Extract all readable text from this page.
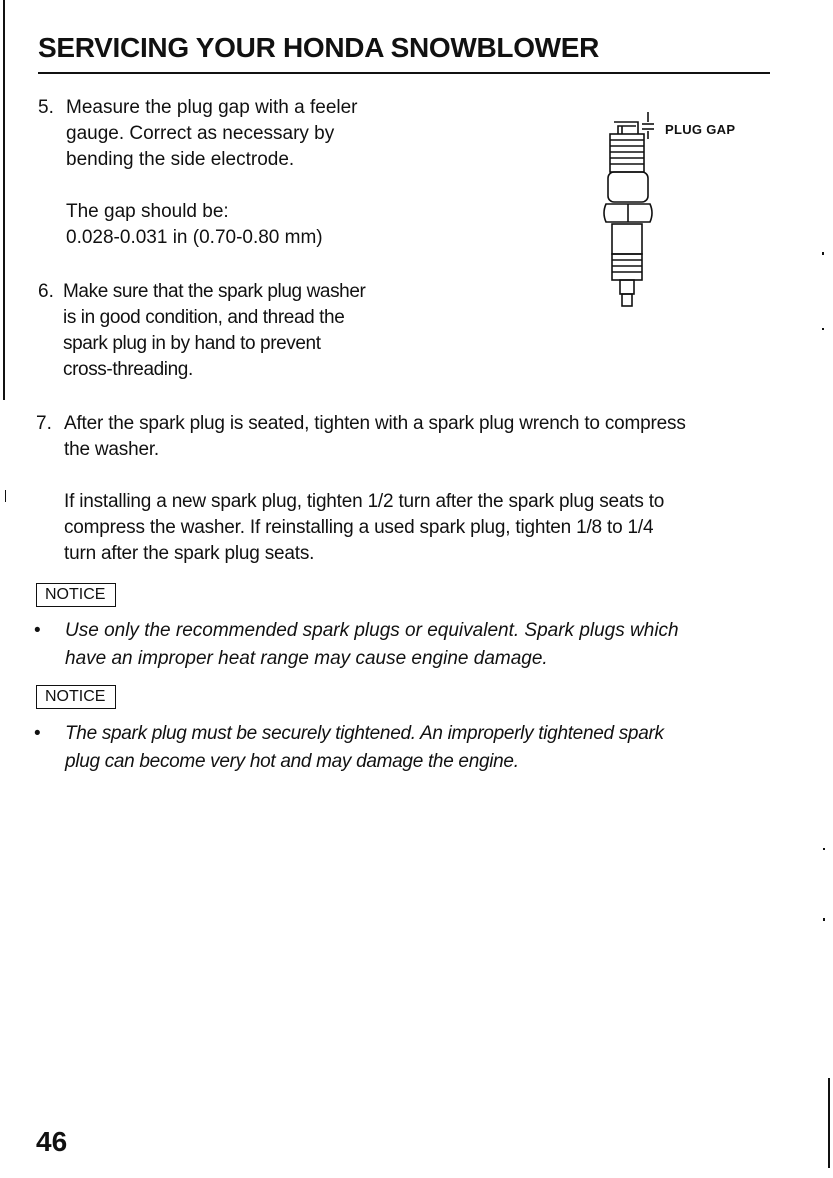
SERVICING YOUR HONDA SNOWBLOWER
5. Measure the plug gap with a feeler

gauge. Correct as necessary by

bending the side electrode.

The gap should be:

0.028-0.031 in (0.70-0.80 mm)

6. Make sure that the spark plug washer

is in good condition, and thread the

spark plug in by hand to prevent

cross-threading.

PLUG GAP
7. After the spark plug is seated, tighten with a spark plug wrench to compress

the washer.

If installing a new spark plug, tighten 1/2 turn after the spark plug seats to

compress the washer. If reinstalling a used spark plug, tighten 1/8 to 1/4

turn after the spark plug seats.

NOTICE
• Use only the recommended spark plugs or equivalent. Spark plugs which

have an improper heat range may cause engine damage.

NOTICE
• The spark plug must be securely tightened. An improperly tightened spark

plug can become very hot and may damage the engine.

46
